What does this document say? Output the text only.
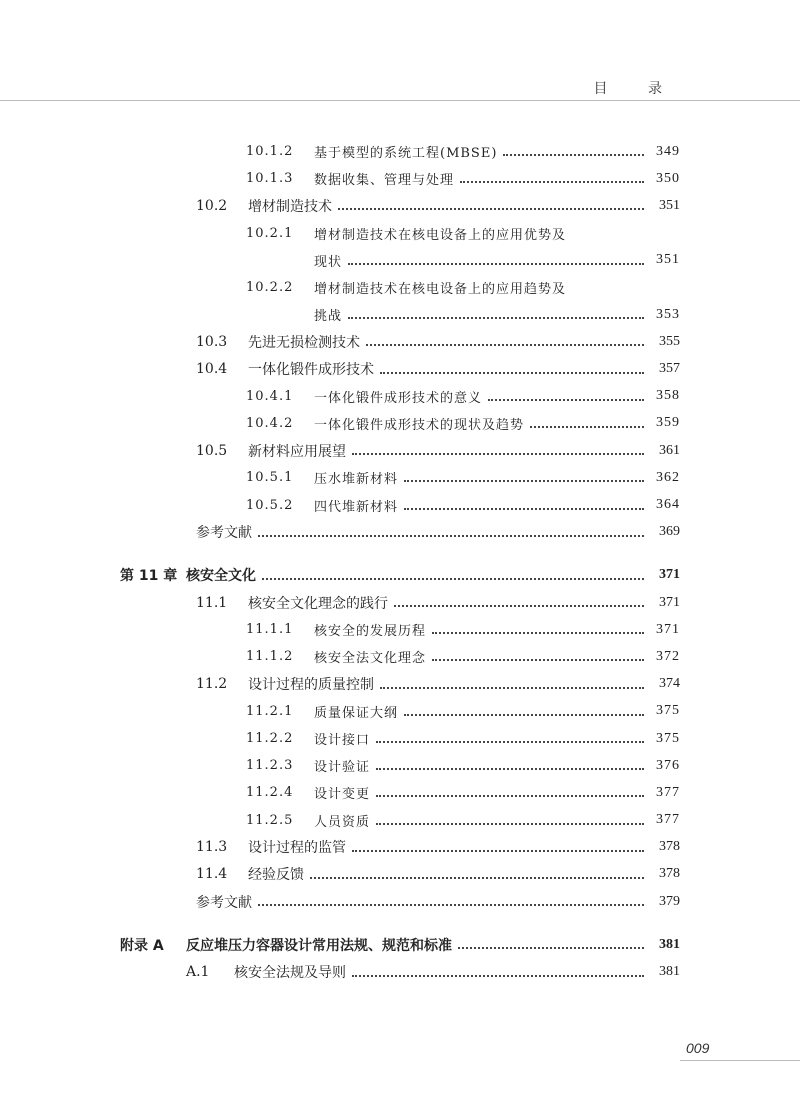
目 录
10.1.2	基于模型的系统工程(MBSE)	349
10.1.3	数据收集、管理与处理	350
10.2	增材制造技术	351
10.2.1	增材制造技术在核电设备上的应用优势及
现状	351
10.2.2	增材制造技术在核电设备上的应用趋势及
挑战	353
10.3	先进无损检测技术	355
10.4	一体化锻件成形技术	357
10.4.1	一体化锻件成形技术的意义	358
10.4.2	一体化锻件成形技术的现状及趋势	359
10.5	新材料应用展望	361
10.5.1	压水堆新材料	362
10.5.2	四代堆新材料	364
参考文献	369
第 11 章 核安全文化	371
11.1	核安全文化理念的践行	371
11.1.1	核安全的发展历程	371
11.1.2	核安全法文化理念	372
11.2	设计过程的质量控制	374
11.2.1	质量保证大纲	375
11.2.2	设计接口	375
11.2.3	设计验证	376
11.2.4	设计变更	377
11.2.5	人员资质	377
11.3	设计过程的监管	378
11.4	经验反馈	378
参考文献	379
附录 A	反应堆压力容器设计常用法规、规范和标准	381
A.1	核安全法规及导则	381
009
